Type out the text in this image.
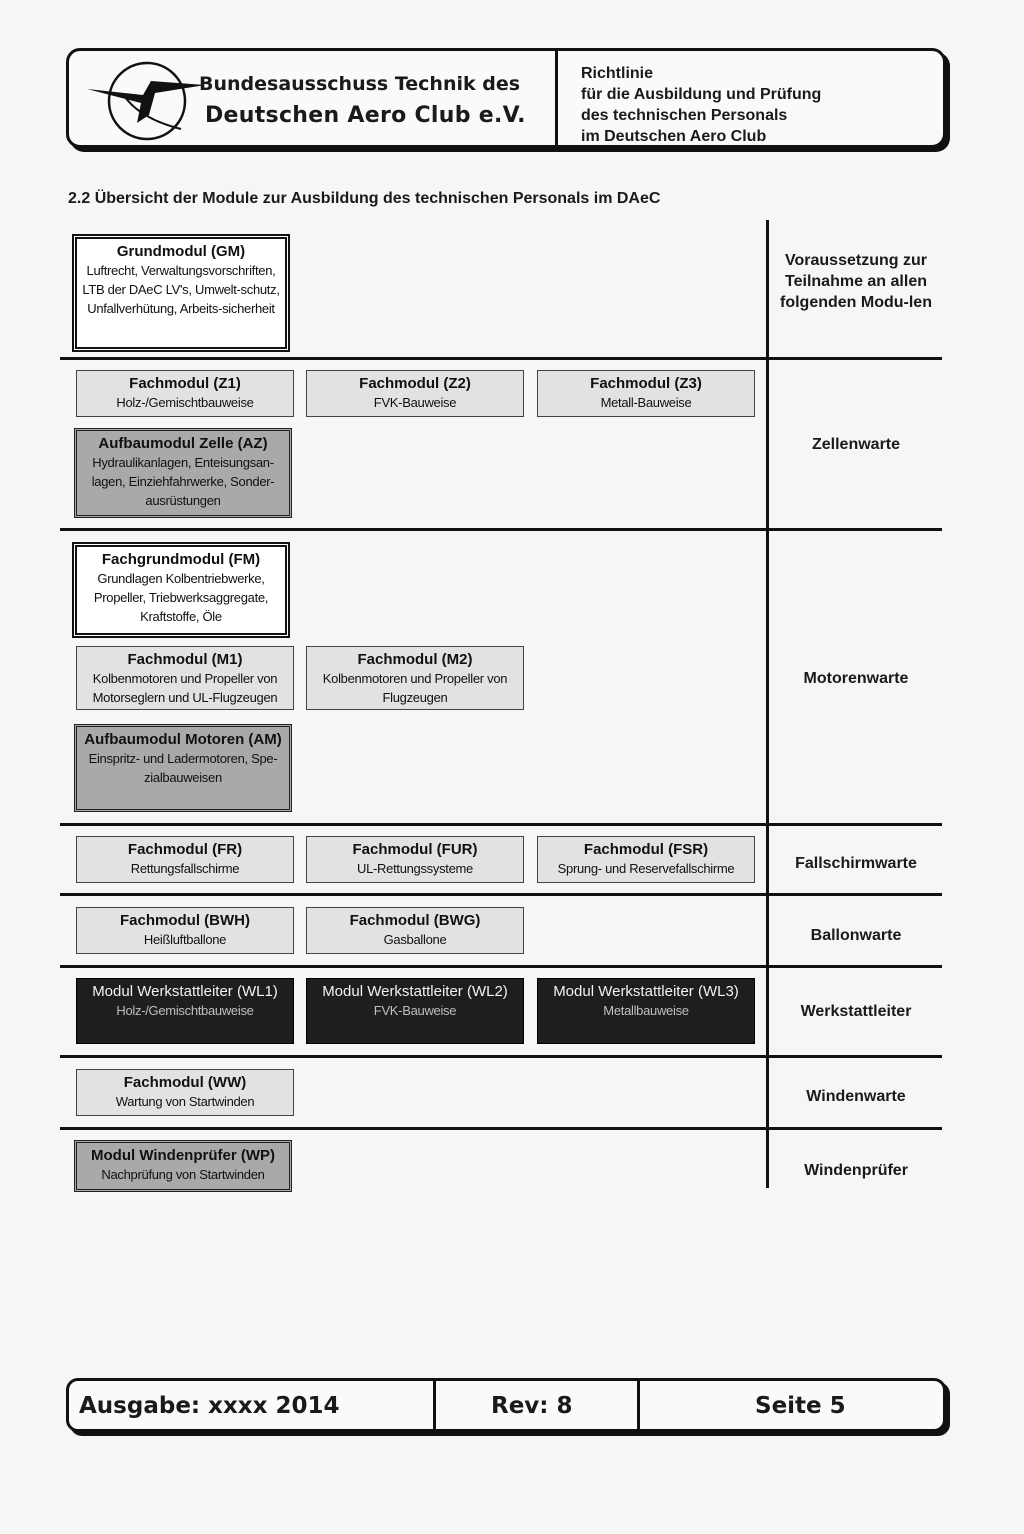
Bundesausschuss Technik des
Deutschen Aero Club e.V.
Richtlinie
für die Ausbildung und Prüfung
des technischen Personals
im Deutschen Aero Club
2.2 Übersicht der Module zur Ausbildung des technischen Personals im DAeC
Grundmodul (GM)
Luftrecht, Verwaltungsvorschriften, LTB der DAeC LV's, Umwelt-schutz, Unfallverhütung, Arbeits-sicherheit
Voraussetzung zur Teilnahme an allen folgenden Modu-len
Fachmodul (Z1)
Holz-/Gemischtbauweise
Fachmodul (Z2)
FVK-Bauweise
Fachmodul (Z3)
Metall-Bauweise
Aufbaumodul Zelle (AZ)
Hydraulikanlagen, Enteisungsan-lagen, Einziehfahrwerke, Sonder-ausrüstungen
Zellenwarte
Fachgrundmodul (FM)
Grundlagen Kolbentriebwerke, Propeller, Triebwerksaggregate, Kraftstoffe, Öle
Fachmodul (M1)
Kolbenmotoren und Propeller von Motorseglern und UL-Flugzeugen
Fachmodul (M2)
Kolbenmotoren und Propeller von Flugzeugen
Aufbaumodul Motoren (AM)
Einspritz- und Ladermotoren, Spe-zialbauweisen
Motorenwarte
Fachmodul (FR)
Rettungsfallschirme
Fachmodul (FUR)
UL-Rettungssysteme
Fachmodul (FSR)
Sprung- und Reservefallschirme	Fallschirmwarte
Fachmodul (BWH)
Heißluftballone
Fachmodul (BWG)
Gasballone	Ballonwarte
Modul Werkstattleiter (WL1)
Holz-/Gemischtbauweise
Modul Werkstattleiter (WL2)
FVK-Bauweise
Modul Werkstattleiter (WL3)
Metallbauweise	Werkstattleiter
Fachmodul (WW)
Wartung von Startwinden	Windenwarte
Modul Windenprüfer (WP)
Nachprüfung von Startwinden	Windenprüfer
Ausgabe: xxxx 2014	Rev: 8	Seite 5
